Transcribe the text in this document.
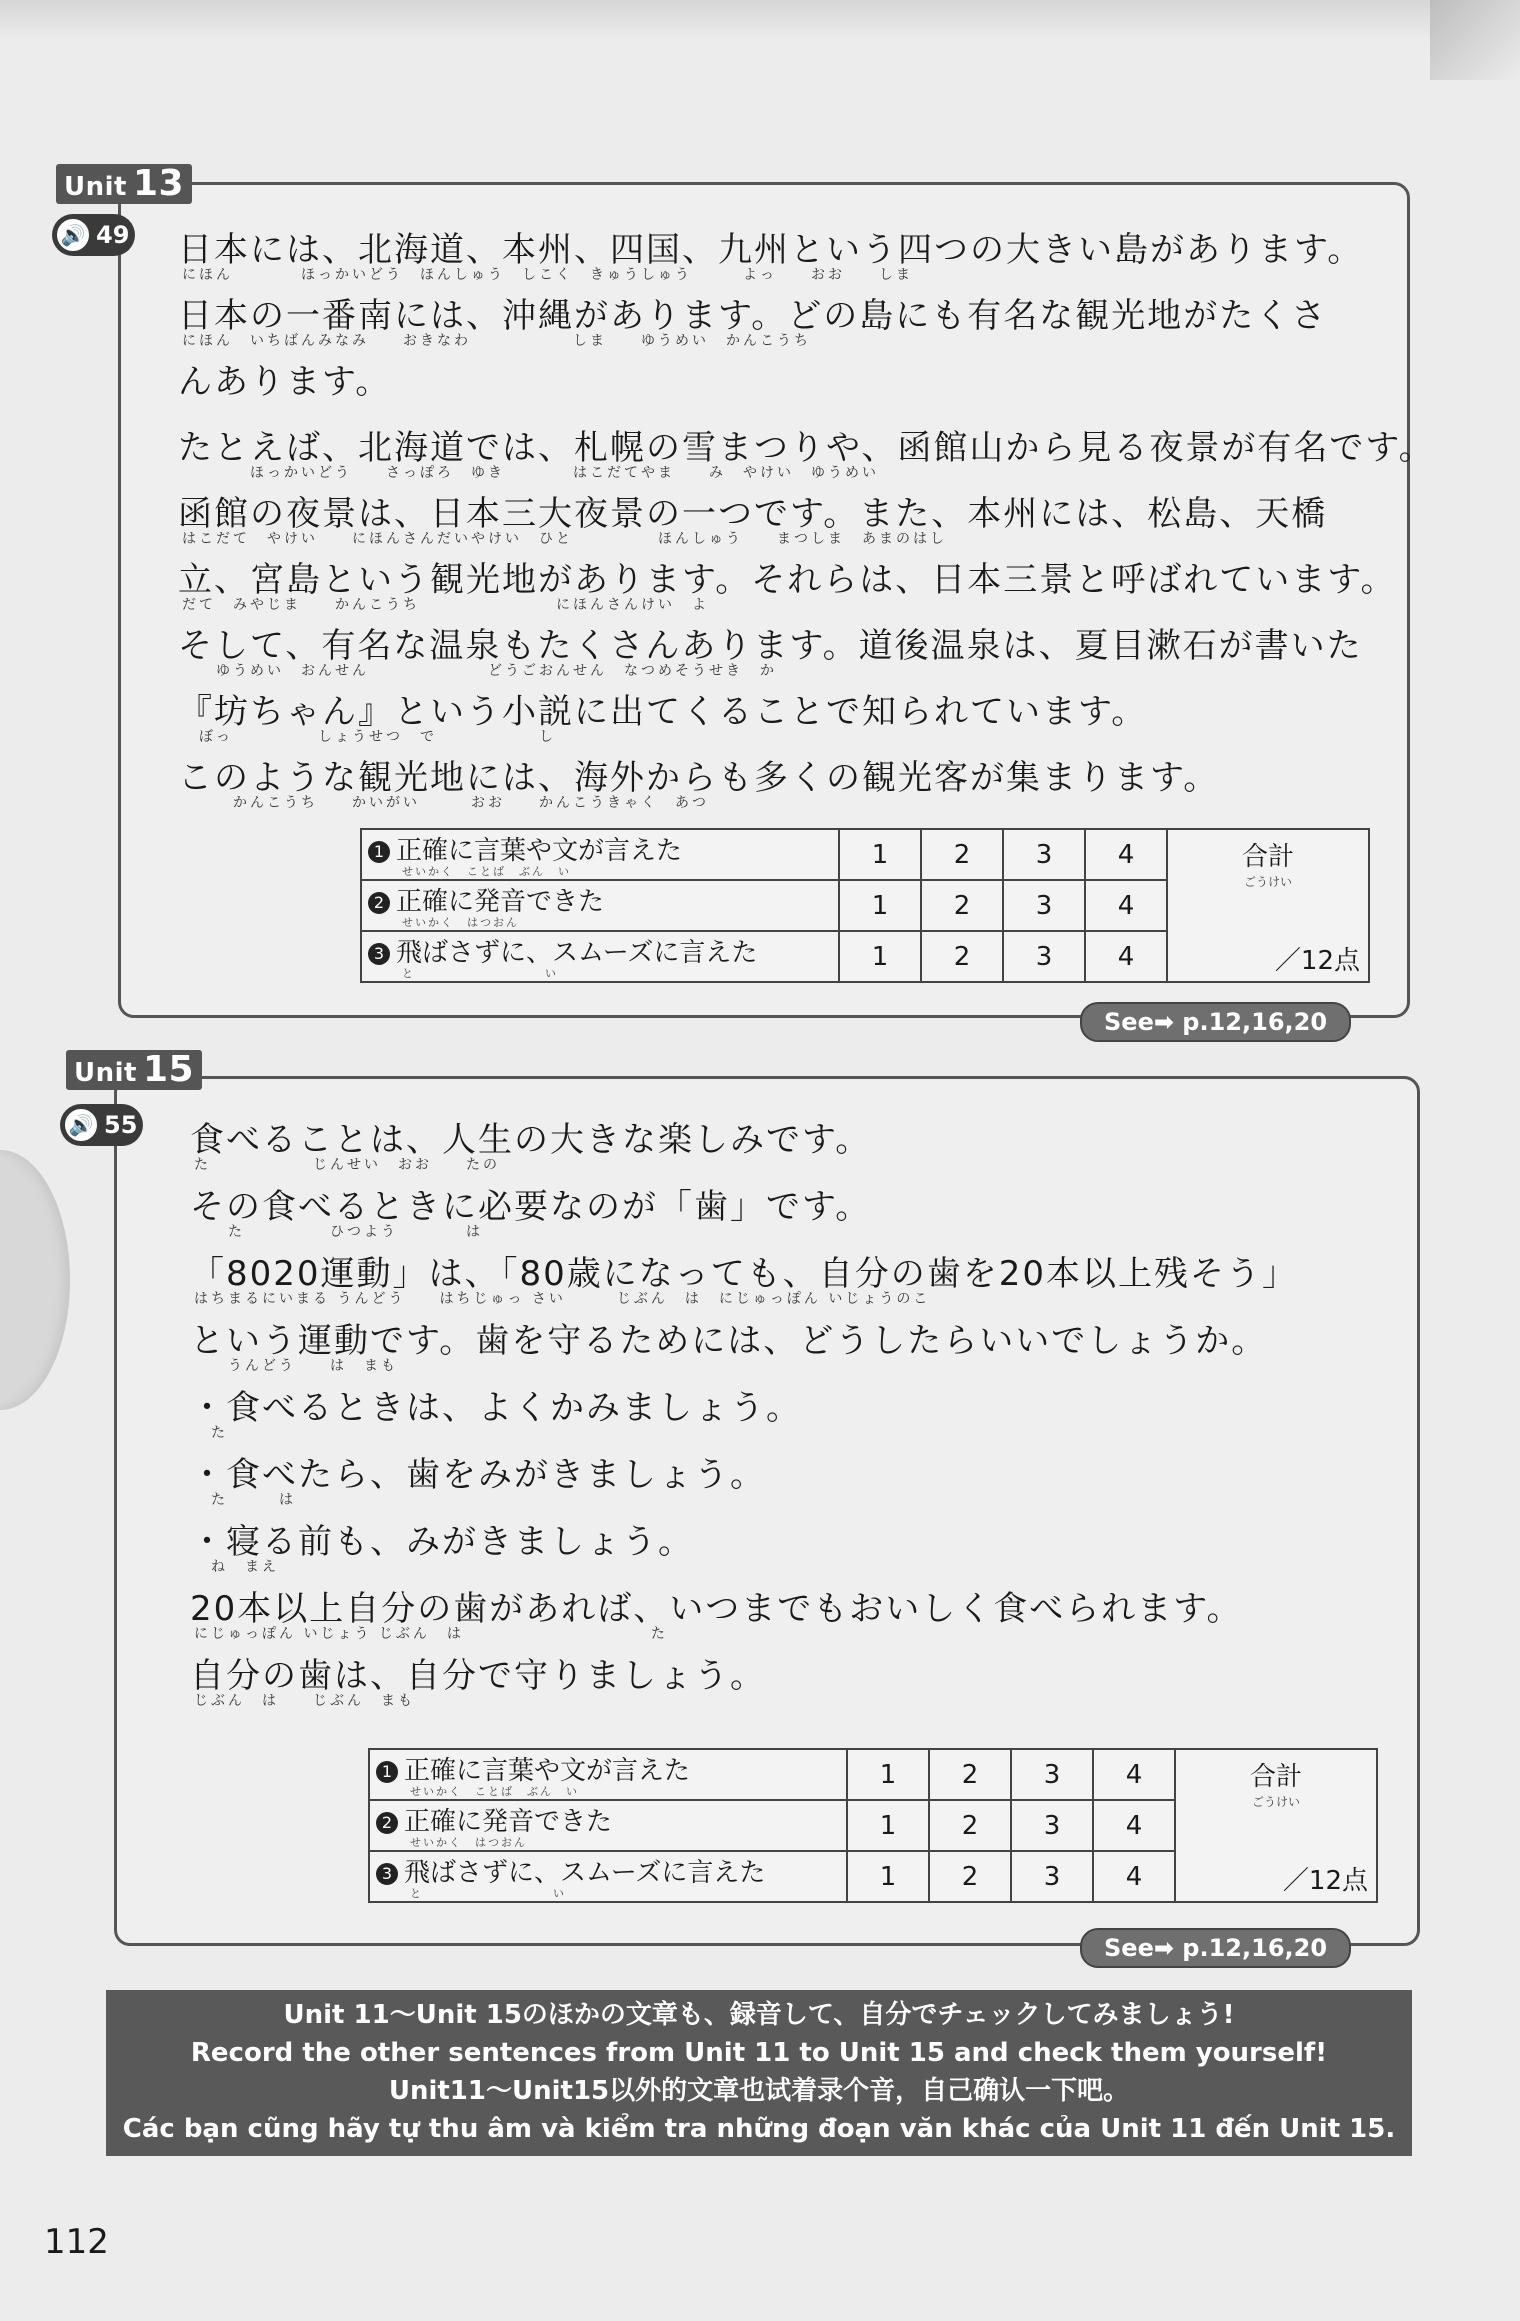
Unit 13
🔊 49 日本には、北海道、本州、四国、九州という四つの大きい島があります。
にほん　　　　ほっかいどう　ほんしゅう　しこく　きゅうしゅう　　　よっ　　おお　　しま
日本の一番南には、沖縄があります。どの島にも有名な観光地がたくさ
にほん　いちばんみなみ　　おきなわ　　　　　　しま　　ゆうめい　かんこうち
んあります。
たとえば、北海道では、札幌の雪まつりや、函館山から見る夜景が有名です。
　　　　ほっかいどう　　さっぽろ　ゆき　　　　はこだてやま　　み　やけい　ゆうめい
函館の夜景は、日本三大夜景の一つです。また、本州には、松島、天橋
はこだて　やけい　　にほんさんだいやけい　ひと　　　　　ほんしゅう　　まつしま　あまのはし
立、宮島という観光地があります。それらは、日本三景と呼ばれています。
だて　みやじま　　かんこうち　　　　　　　　にほんさんけい　よ
そして、有名な温泉もたくさんあります。道後温泉は、夏目漱石が書いた
　　ゆうめい　おんせん　　　　　　　どうごおんせん　なつめそうせき　か
『坊ちゃん』という小説に出てくることで知られています。
　ぼっ　　　　　しょうせつ　で　　　　　　し
このような観光地には、海外からも多くの観光客が集まります。
　　　かんこうち　　かいがい　　　おお　　かんこうきゃく　あつ
1 正確に言葉や文が言えた
せいかく　ことば　ぶん　い	1	2	3	4	合計
ごうけい
／12点

2 正確に発音できた
せいかく　はつおん	1	2	3	4	
3 飛ばさずに、スムーズに言えた
と　　　　　　　　　　い	1	2	3	4	
See➡ p.12,16,20
Unit 15
🔊 55 食べることは、人生の大きな楽しみです。
た　　　　　　じんせい　おお　　たの
その食べるときに必要なのが「歯」です。
　　た　　　　　ひつよう　　　　は
「8020運動」は、「80歳になっても、自分の歯を20本以上残そう」
はちまるにいまる うんどう　　はちじゅっ さい　　　じぶん　は　にじゅっぽん いじょうのこ
という運動です。歯を守るためには、どうしたらいいでしょうか。
　　うんどう　　は　まも
・食べるときは、よくかみましょう。
　た
・食べたら、歯をみがきましょう。
　た　　　は
・寝る前も、みがきましょう。
　ね　まえ
20本以上自分の歯があれば、いつまでもおいしく食べられます。
にじゅっぽん いじょう じぶん　は　　　　　　　　　　　た
自分の歯は、自分で守りましょう。
じぶん　は　　じぶん　まも
1 正確に言葉や文が言えた
せいかく　ことば　ぶん　い	1	2	3	4	合計
ごうけい
／12点

2 正確に発音できた
せいかく　はつおん	1	2	3	4	
3 飛ばさずに、スムーズに言えた
と　　　　　　　　　　い	1	2	3	4	
See➡ p.12,16,20
Unit 11～Unit 15のほかの文章も、録音して、自分でチェックしてみましょう!
Record the other sentences from Unit 11 to Unit 15 and check them yourself!
Unit11～Unit15以外的文章也试着录个音，自己确认一下吧。
Các bạn cũng hãy tự thu âm và kiểm tra những đoạn văn khác của Unit 11 đến Unit 15.
112
